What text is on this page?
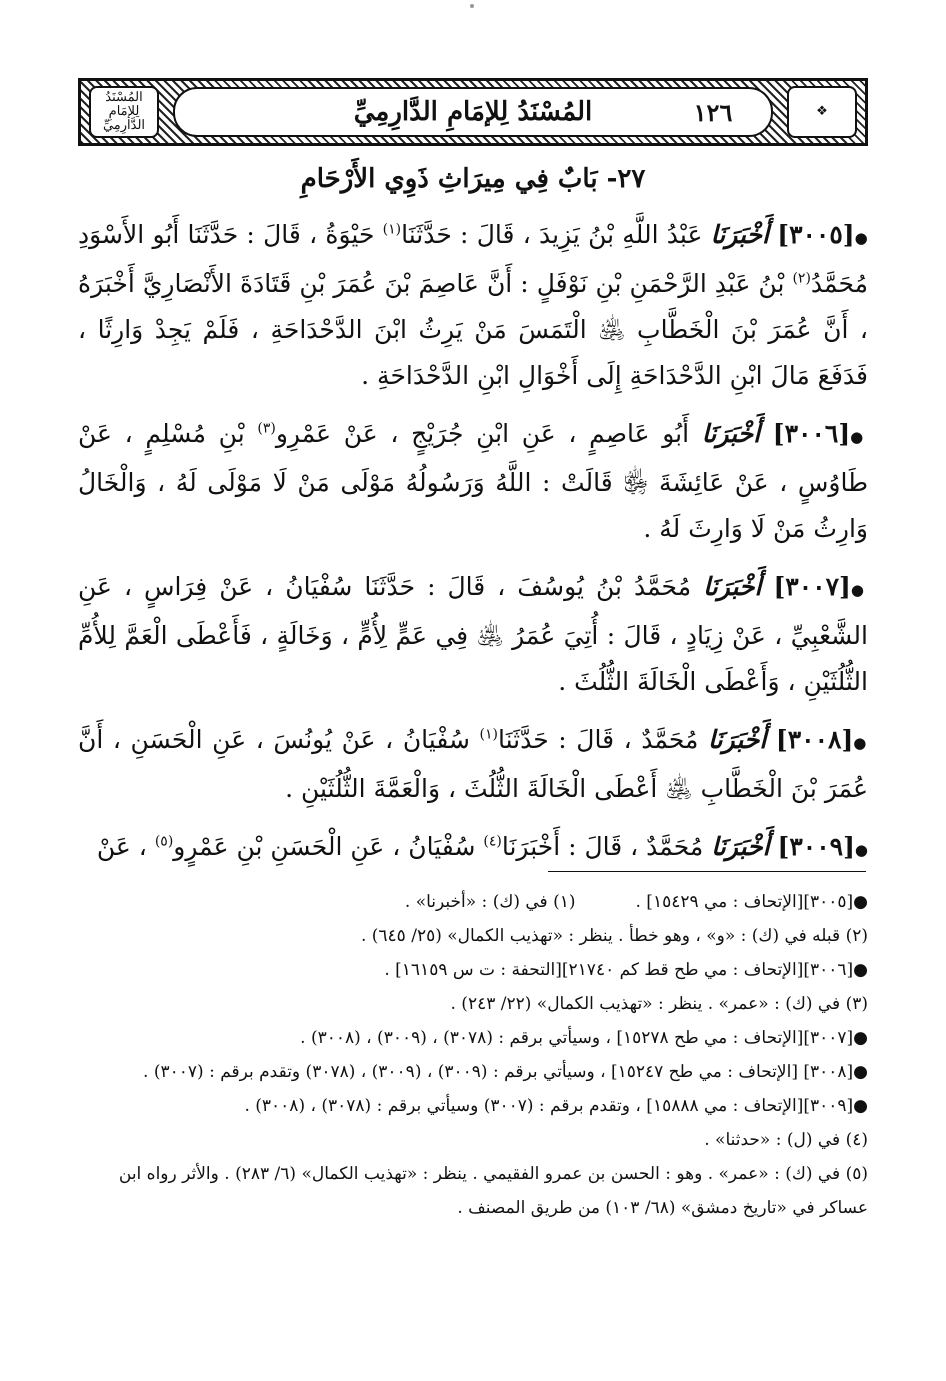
المُسْنَدُ لِلإمَامِ الدَّارِمِيِّ	المُسْنَدُ لِلإمَامِ الدَّارِمِيِّ	١٢٦	❖
٢٧- بَابٌ فِي مِيرَاثِ ذَوِي الأَرْحَامِ

●[٣٠٠٥] أَخْبَرَنَا عَبْدُ اللَّهِ بْنُ يَزِيدَ ، قَالَ : حَدَّثَنَا$^{(١)}$ حَيْوَةُ ، قَالَ : حَدَّثَنَا أَبُو الأَسْوَدِ مُحَمَّدُ$^{(٢)}$ بْنُ عَبْدِ الرَّحْمَنِ بْنِ نَوْفَلٍ : أَنَّ عَاصِمَ بْنَ عُمَرَ بْنِ قَتَادَةَ الأَنْصَارِيَّ أَخْبَرَهُ ، أَنَّ عُمَرَ بْنَ الْخَطَّابِ ﵁ الْتَمَسَ مَنْ يَرِثُ ابْنَ الدَّحْدَاحَةِ ، فَلَمْ يَجِدْ وَارِثًا ، فَدَفَعَ مَالَ ابْنِ الدَّحْدَاحَةِ إِلَى أَخْوَالِ ابْنِ الدَّحْدَاحَةِ .

●[٣٠٠٦] أَخْبَرَنَا أَبُو عَاصِمٍ ، عَنِ ابْنِ جُرَيْجٍ ، عَنْ عَمْرِو$^{(٣)}$ بْنِ مُسْلِمٍ ، عَنْ طَاوُسٍ ، عَنْ عَائِشَةَ ﵂ قَالَتْ : اللَّهُ وَرَسُولُهُ مَوْلَى مَنْ لَا مَوْلَى لَهُ ، وَالْخَالُ وَارِثُ مَنْ لَا وَارِثَ لَهُ .

●[٣٠٠٧] أَخْبَرَنَا مُحَمَّدُ بْنُ يُوسُفَ ، قَالَ : حَدَّثَنَا سُفْيَانُ ، عَنْ فِرَاسٍ ، عَنِ الشَّعْبِيِّ ، عَنْ زِيَادٍ ، قَالَ : أُتِيَ عُمَرُ ﵁ فِي عَمٍّ لِأُمٍّ ، وَخَالَةٍ ، فَأَعْطَى الْعَمَّ لِلأُمِّ الثُّلُثَيْنِ ، وَأَعْطَى الْخَالَةَ الثُّلُثَ .

●[٣٠٠٨] أَخْبَرَنَا مُحَمَّدٌ ، قَالَ : حَدَّثَنَا$^{(١)}$ سُفْيَانُ ، عَنْ يُونُسَ ، عَنِ الْحَسَنِ ، أَنَّ عُمَرَ بْنَ الْخَطَّابِ ﵁ أَعْطَى الْخَالَةَ الثُّلُثَ ، وَالْعَمَّةَ الثُّلُثَيْنِ .

●[٣٠٠٩] أَخْبَرَنَا مُحَمَّدٌ ، قَالَ : أَخْبَرَنَا$^{(٤)}$ سُفْيَانُ ، عَنِ الْحَسَنِ بْنِ عَمْرٍو$^{(٥)}$ ، عَنْ

●[٣٠٠٥][الإتحاف : مي ١٥٤٢٩] .
(١) في (ك) : «أخبرنا» .

(٢) قبله في (ك) : «و» ، وهو خطأ . ينظر : «تهذيب الكمال» (٢٥/ ٦٤٥) .

●[٣٠٠٦][الإتحاف : مي طح قط كم ٢١٧٤٠][التحفة : ت س ١٦١٥٩] .

(٣) في (ك) : «عمر» . ينظر : «تهذيب الكمال» (٢٢/ ٢٤٣) .

●[٣٠٠٧][الإتحاف : مي طح ١٥٢٧٨] ، وسيأتي برقم : (٣٠٧٨) ، (٣٠٠٩) ، (٣٠٠٨) .

●[٣٠٠٨] [الإتحاف : مي طح ١٥٢٤٧] ، وسيأتي برقم : (٣٠٠٩) ، (٣٠٠٩) ، (٣٠٧٨) وتقدم برقم : (٣٠٠٧) .

●[٣٠٠٩][الإتحاف : مي ١٥٨٨٨] ، وتقدم برقم : (٣٠٠٧) وسيأتي برقم : (٣٠٧٨) ، (٣٠٠٨) .

(٤) في (ل) : «حدثنا» .

(٥) في (ك) : «عمر» . وهو : الحسن بن عمرو الفقيمي . ينظر : «تهذيب الكمال» (٦/ ٢٨٣) . والأثر رواه ابن عساكر في «تاريخ دمشق» (٦٨/ ١٠٣) من طريق المصنف .
